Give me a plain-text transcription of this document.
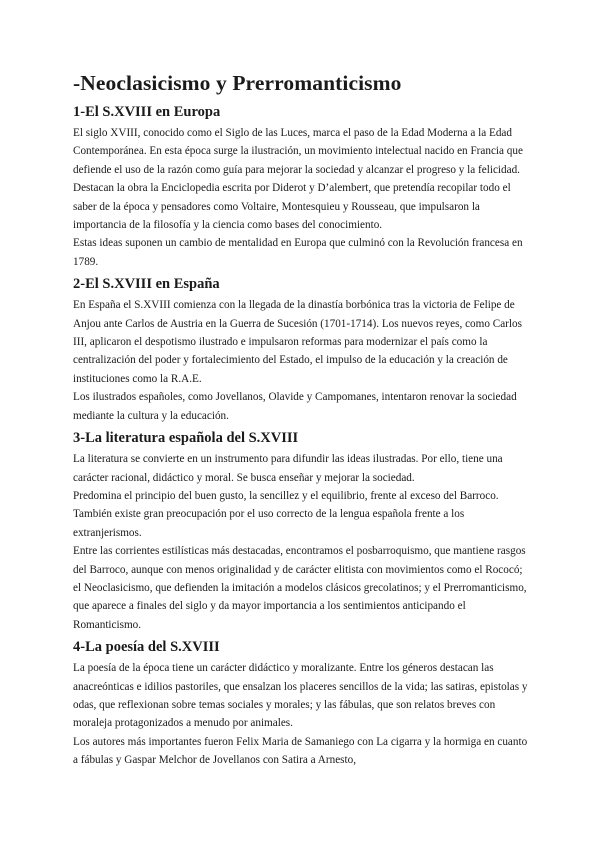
-Neoclasicismo y Prerromanticismo
1-El S.XVIII en Europa

El siglo XVIII, conocido como el Siglo de las Luces, marca el paso de la Edad Moderna a la Edad Contemporánea. En esta época surge la ilustración, un movimiento intelectual nacido en Francia que defiende el uso de la razón como guía para mejorar la sociedad y alcanzar el progreso y la felicidad. Destacan la obra la Enciclopedia escrita por Diderot y D’alembert, que pretendía recopilar todo el saber de la época y pensadores como Voltaire, Montesquieu y Rousseau, que impulsaron la importancia de la filosofía y la ciencia como bases del conocimiento.

Estas ideas suponen un cambio de mentalidad en Europa que culminó con la Revolución francesa en 1789.

2-El S.XVIII en España

En España el S.XVIII comienza con la llegada de la dinastía borbónica tras la victoria de Felipe de Anjou ante Carlos de Austria en la Guerra de Sucesión (1701-1714). Los nuevos reyes, como Carlos III, aplicaron el despotismo ilustrado e impulsaron reformas para modernizar el país como la centralización del poder y fortalecimiento del Estado, el impulso de la educación y la creación de instituciones como la R.A.E.

Los ilustrados españoles, como Jovellanos, Olavide y Campomanes, intentaron renovar la sociedad mediante la cultura y la educación.

3-La literatura española del S.XVIII

La literatura se convierte en un instrumento para difundir las ideas ilustradas. Por ello, tiene una carácter racional, didáctico y moral. Se busca enseñar y mejorar la sociedad.

Predomina el principio del buen gusto, la sencillez y el equilibrio, frente al exceso del Barroco.

También existe gran preocupación por el uso correcto de la lengua española frente a los extranjerismos.

Entre las corrientes estilísticas más destacadas, encontramos el posbarroquismo, que mantiene rasgos del Barroco, aunque con menos originalidad y de carácter elitista con movimientos como el Rococó; el Neoclasicismo, que defienden la imitación a modelos clásicos grecolatinos; y el Prerromanticismo, que aparece a finales del siglo y da mayor importancia a los sentimientos anticipando el Romanticismo.

4-La poesía del S.XVIII

La poesía de la época tiene un carácter didáctico y moralizante. Entre los géneros destacan las anacreónticas e idilios pastoriles, que ensalzan los placeres sencillos de la vida; las satiras, epistolas y odas, que reflexionan sobre temas sociales y morales; y las fábulas, que son relatos breves con moraleja protagonizados a menudo por animales.

Los autores más importantes fueron Felix Maria de Samaniego con La cigarra y la hormiga en cuanto a fábulas y Gaspar Melchor de Jovellanos con Satira a Arnesto,
